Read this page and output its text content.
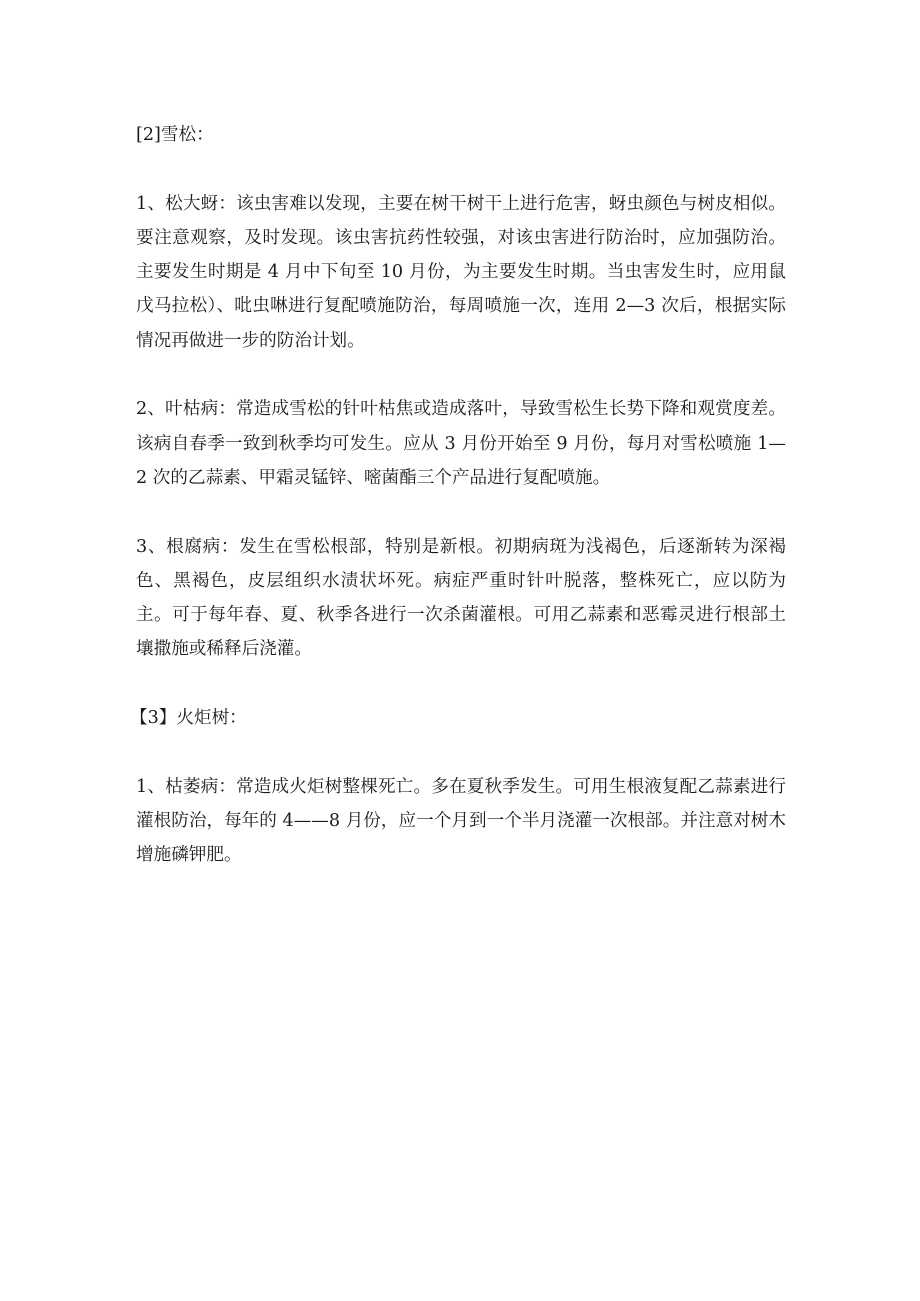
[2]雪松：

1、松大蚜：该虫害难以发现，主要在树干树干上进行危害，蚜虫颜色与树皮相似。要注意观察，及时发现。该虫害抗药性较强，对该虫害进行防治时，应加强防治。主要发生时期是 4 月中下旬至 10 月份，为主要发生时期。当虫害发生时，应用鼠戊马拉松）、吡虫啉进行复配喷施防治，每周喷施一次，连用 2—3 次后，根据实际情况再做进一步的防治计划。

2、叶枯病：常造成雪松的针叶枯焦或造成落叶，导致雪松生长势下降和观赏度差。该病自春季一致到秋季均可发生。应从 3 月份开始至 9 月份，每月对雪松喷施 1—2 次的乙蒜素、甲霜灵锰锌、嘧菌酯三个产品进行复配喷施。

3、根腐病：发生在雪松根部，特别是新根。初期病斑为浅褐色，后逐渐转为深褐色、黑褐色，皮层组织水渍状坏死。病症严重时针叶脱落，整株死亡，应以防为主。可于每年春、夏、秋季各进行一次杀菌灌根。可用乙蒜素和恶霉灵进行根部土壤撒施或稀释后浇灌。

【3】火炬树：

1、枯萎病：常造成火炬树整棵死亡。多在夏秋季发生。可用生根液复配乙蒜素进行灌根防治，每年的 4——8 月份，应一个月到一个半月浇灌一次根部。并注意对树木增施磷钾肥。
